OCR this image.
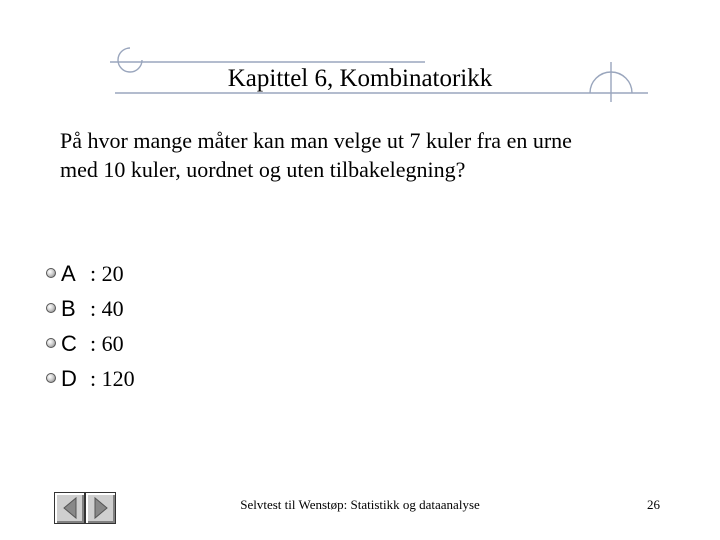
Kapittel 6, Kombinatorikk
På hvor mange måter kan man velge ut 7 kuler fra en urne
med 10 kuler, uordnet og uten tilbakelegning?
A : 20
B : 40
C : 60
D : 120
Selvtest til Wenstøp: Statistikk og dataanalyse	26
